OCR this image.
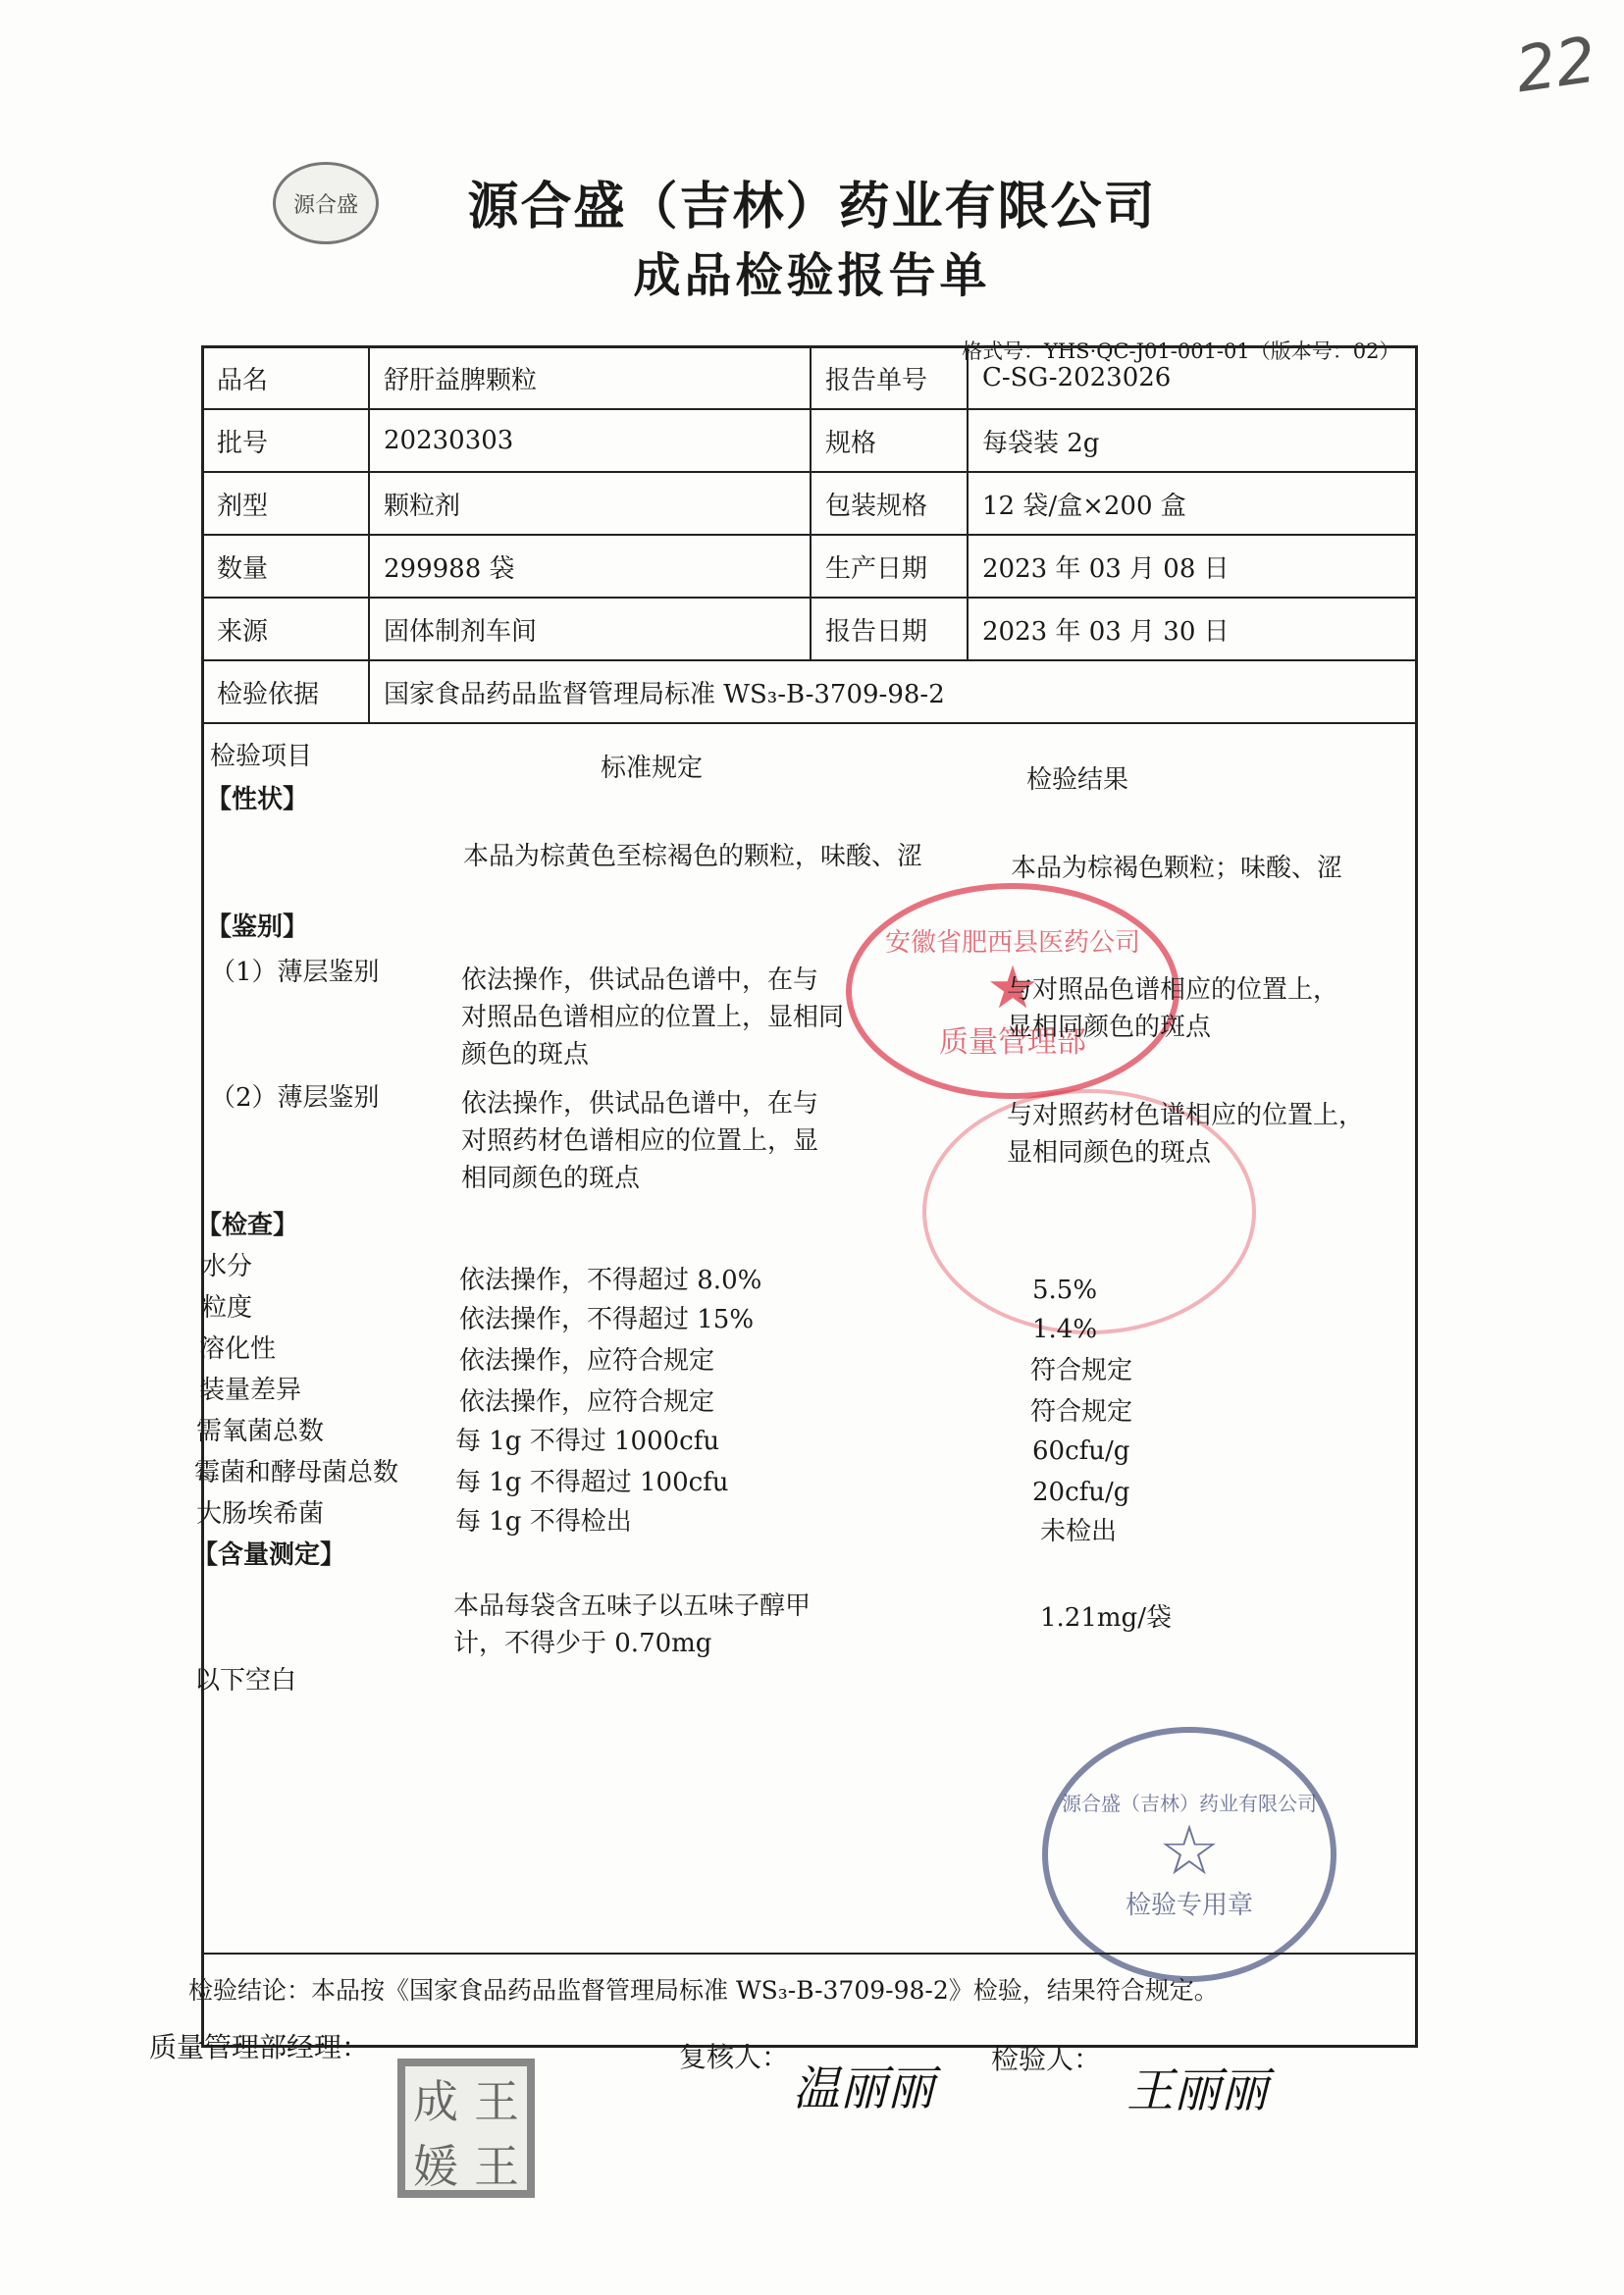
22
源合盛	源合盛（吉林）药业有限公司
成品检验报告单
格式号：YHS·QC-J01-001-01（版本号：02）
品名	舒肝益脾颗粒	报告单号	C-SG-2023026
批号	20230303	规格	每袋装 2g
剂型	颗粒剂	包装规格	12 袋/盒×200 盒
数量	299988 袋	生产日期	2023 年 03 月 08 日
来源	固体制剂车间	报告日期	2023 年 03 月 30 日
检验依据	国家食品药品监督管理局标准 WS₃-B-3709-98-2		
安徽省肥西县医药公司
★
质量管理部
源合盛（吉林）药业有限公司
☆
检验专用章
检验项目	标准规定	检验结果
【性状】
本品为棕黄色至棕褐色的颗粒，味酸、涩	本品为棕褐色颗粒；味酸、涩
【鉴别】
（1）薄层鉴别	依法操作，供试品色谱中，在与
对照品色谱相应的位置上，显相同
颜色的斑点
与对照品色谱相应的位置上，
显相同颜色的斑点
（2）薄层鉴别	依法操作，供试品色谱中，在与
对照药材色谱相应的位置上，显
相同颜色的斑点
与对照药材色谱相应的位置上，
显相同颜色的斑点
【检查】
水分	依法操作，不得超过 8.0%	5.5%
粒度	依法操作，不得超过 15%	1.4%
溶化性	依法操作，应符合规定	符合规定
装量差异	依法操作，应符合规定	符合规定
需氧菌总数	每 1g 不得过 1000cfu	60cfu/g
霉菌和酵母菌总数 每 1g 不得超过 100cfu	20cfu/g
大肠埃希菌	每 1g 不得检出	未检出
【含量测定】
本品每袋含五味子以五味子醇甲
计，不得少于 0.70mg
1.21mg/袋
以下空白
检验结论：本品按《国家食品药品监督管理局标准 WS₃-B-3709-98-2》检验，结果符合规定。
质量管理部经理：
成 王
媛 王
复核人：
温丽丽
检验人：
王丽丽
